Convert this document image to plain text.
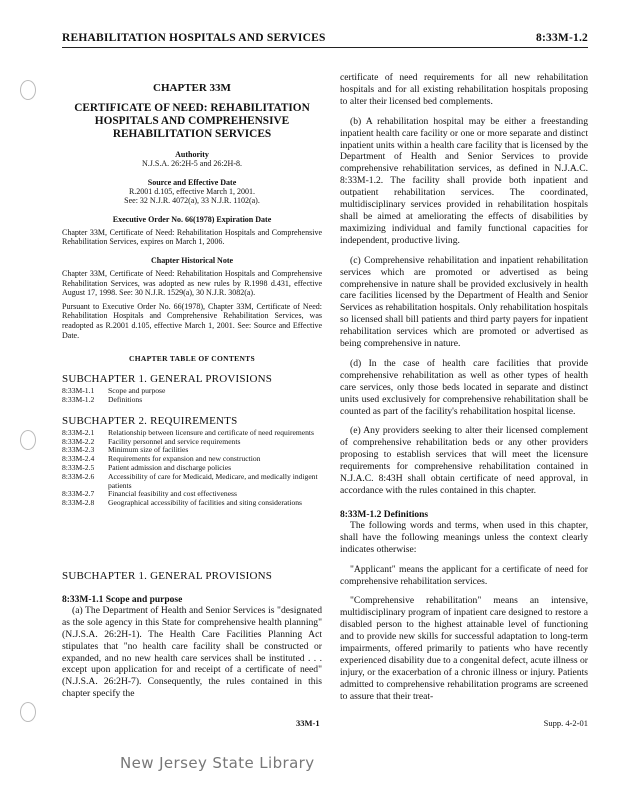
REHABILITATION HOSPITALS AND SERVICES	8:33M-1.2
CHAPTER 33M
CERTIFICATE OF NEED: REHABILITATION
HOSPITALS AND COMPREHENSIVE
REHABILITATION SERVICES
Authority
N.J.S.A. 26:2H-5 and 26:2H-8.
Source and Effective Date
R.2001 d.105, effective March 1, 2001.
See: 32 N.J.R. 4072(a), 33 N.J.R. 1102(a).
Executive Order No. 66(1978) Expiration Date
Chapter 33M, Certificate of Need: Rehabilitation Hospitals and Comprehensive Rehabilitation Services, expires on March 1, 2006.
Chapter Historical Note
Chapter 33M, Certificate of Need: Rehabilitation Hospitals and Comprehensive Rehabilitation Services, was adopted as new rules by R.1998 d.431, effective August 17, 1998. See: 30 N.J.R. 1529(a), 30 N.J.R. 3082(a).
Pursuant to Executive Order No. 66(1978), Chapter 33M, Certificate of Need: Rehabilitation Hospitals and Comprehensive Rehabilitation Services, was readopted as R.2001 d.105, effective March 1, 2001. See: Source and Effective Date.
CHAPTER TABLE OF CONTENTS
SUBCHAPTER 1. GENERAL PROVISIONS
8:33M-1.1	Scope and purpose
8:33M-1.2	Definitions
SUBCHAPTER 2. REQUIREMENTS
8:33M-2.1	Relationship between licensure and certificate of need requirements
8:33M-2.2	Facility personnel and service requirements
8:33M-2.3	Minimum size of facilities
8:33M-2.4	Requirements for expansion and new construction
8:33M-2.5	Patient admission and discharge policies
8:33M-2.6	Accessibility of care for Medicaid, Medicare, and medically indigent patients
8:33M-2.7	Financial feasibility and cost effectiveness
8:33M-2.8	Geographical accessibility of facilities and siting considerations
SUBCHAPTER 1. GENERAL PROVISIONS
8:33M-1.1 Scope and purpose
(a) The Department of Health and Senior Services is "designated as the sole agency in this State for comprehensive health planning" (N.J.S.A. 26:2H-1). The Health Care Facilities Planning Act stipulates that "no health care facility shall be constructed or expanded, and no new health care services shall be instituted . . . except upon application for and receipt of a certificate of need" (N.J.S.A. 26:2H-7). Consequently, the rules contained in this chapter specify the
certificate of need requirements for all new rehabilitation hospitals and for all existing rehabilitation hospitals proposing to alter their licensed bed complements.
(b) A rehabilitation hospital may be either a freestanding inpatient health care facility or one or more separate and distinct inpatient units within a health care facility that is licensed by the Department of Health and Senior Services to provide comprehensive rehabilitation services, as defined in N.J.A.C. 8:33M-1.2. The facility shall provide both inpatient and outpatient rehabilitation services. The coordinated, multidisciplinary services provided in rehabilitation hospitals shall be aimed at ameliorating the effects of disabilities by maximizing individual and family functional capacities for independent, productive living.
(c) Comprehensive rehabilitation and inpatient rehabilitation services which are promoted or advertised as being comprehensive in nature shall be provided exclusively in health care facilities licensed by the Department of Health and Senior Services as rehabilitation hospitals. Only rehabilitation hospitals so licensed shall bill patients and third party payers for inpatient rehabilitation services which are promoted or advertised as being comprehensive in nature.
(d) In the case of health care facilities that provide comprehensive rehabilitation as well as other types of health care services, only those beds located in separate and distinct units used exclusively for comprehensive rehabilitation shall be counted as part of the facility's rehabilitation hospital license.
(e) Any providers seeking to alter their licensed complement of comprehensive rehabilitation beds or any other providers proposing to establish services that will meet the licensure requirements for comprehensive rehabilitation contained in N.J.A.C. 8:43H shall obtain certificate of need approval, in accordance with the rules contained in this chapter.
8:33M-1.2 Definitions
The following words and terms, when used in this chapter, shall have the following meanings unless the context clearly indicates otherwise:
"Applicant" means the applicant for a certificate of need for comprehensive rehabilitation services.
"Comprehensive rehabilitation" means an intensive, multidisciplinary program of inpatient care designed to restore a disabled person to the highest attainable level of functioning and to provide new skills for successful adaptation to long-term impairments, offered primarily to patients who have recently experienced disability due to a congenital defect, acute illness or injury, or the exacerbation of a chronic illness or injury. Patients admitted to comprehensive rehabilitation programs are screened to assure that their treat-
33M-1	Supp. 4-2-01
New Jersey State Library
